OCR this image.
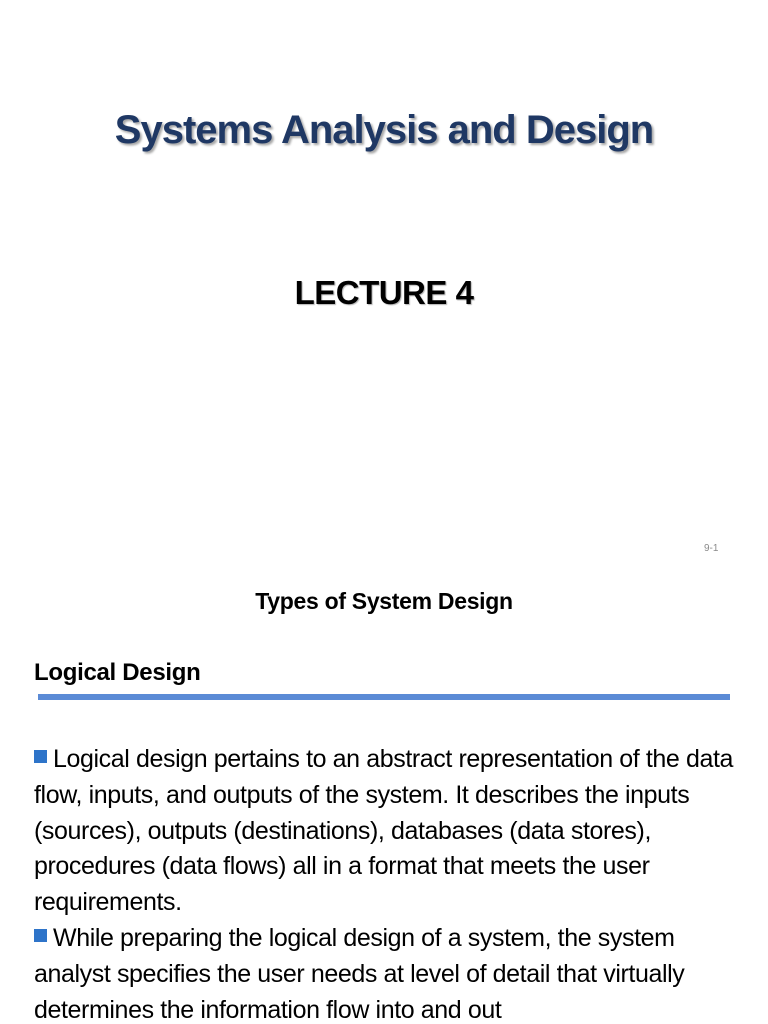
Systems Analysis and Design
LECTURE 4
9-1
Types of System Design
Logical Design

Logical design pertains to an abstract representation of the data flow, inputs, and outputs of the system. It describes the inputs (sources), outputs (destinations), databases (data stores), procedures (data flows) all in a format that meets the user requirements.

While preparing the logical design of a system, the system analyst specifies the user needs at level of detail that virtually determines the information flow into and out
